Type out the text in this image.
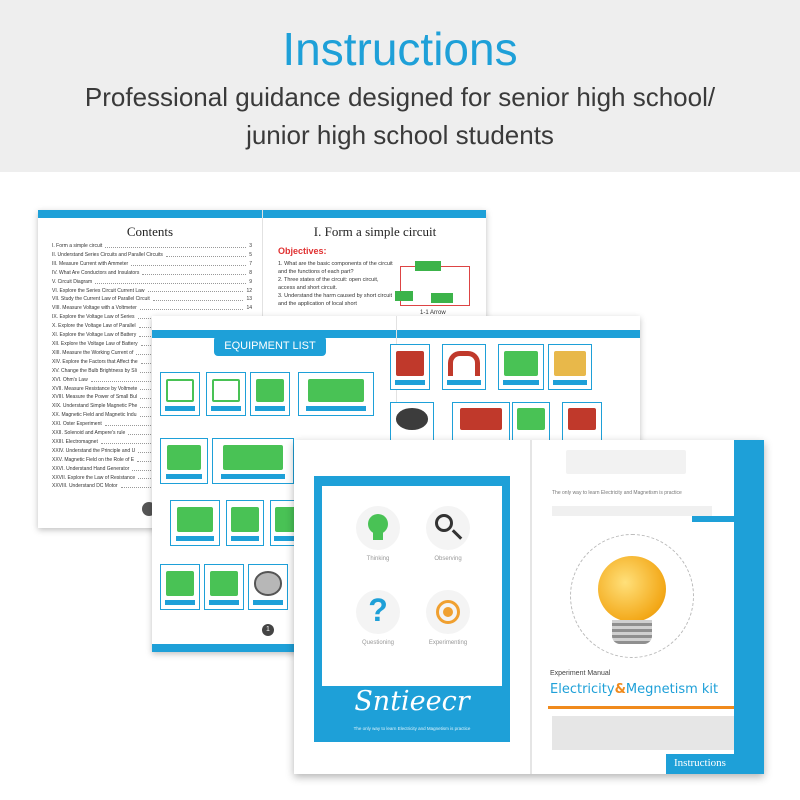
Instructions
Professional guidance designed for senior high school/
junior high school students
Contents
I. Form a simple circuit	3
II. Understand Series Circuits and Parallel Circuits	5
III. Measure Current with Ammeter	7
IV. What Are Conductors and Insulators	8
V. Circuit Diagram	9
VI. Explore the Series Circuit Current Law	12
VII. Study the Current Law of Parallel Circuit	13
VIII. Measure Voltage with a Voltmeter	14
IX. Explore the Voltage Law of Series
X. Explore the Voltage Law of Parallel
XI. Explore the Voltage Law of Battery
XII. Explore the Voltage Law of Battery
XIII. Measure the Working Current of
XIV. Explore the Factors that Affect the
XV. Change the Bulb Brightness by Sli
XVI. Ohm's Law
XVII. Measure Resistance by Voltmete
XVIII. Measure the Power of Small Bul
XIX. Understand Simple Magnetic Phe
XX. Magnetic Field and Magnetic Indu
XXI. Oster Experiment
XXII. Solenoid and Ampere's rule
XXIII. Electromagnet
XXIV. Understand the Principle and U
XXV. Magnetic Field on the Role of E
XXVI. Understand Hand Generator
XXVII. Explore the Law of Resistance
XXVIII. Understand DC Motor
I. Form a simple circuit
Objectives:
1. What are the basic components of the circuit and the functions of each part?
2. Three states of the circuit: open circuit, access and short circuit.
3. Understand the harm caused by short circuit and the application of local short
1-1 Arrow
EQUIPMENT LIST
1
Thinking	Observing
?
Questioning	Experimenting
Sntieecr
The only way to learn Electricity and Magnetism is practice
The only way to learn Electricity and Magnetism is practice
Experiment Manual
Electricity&Megnetism kit
Instructions
